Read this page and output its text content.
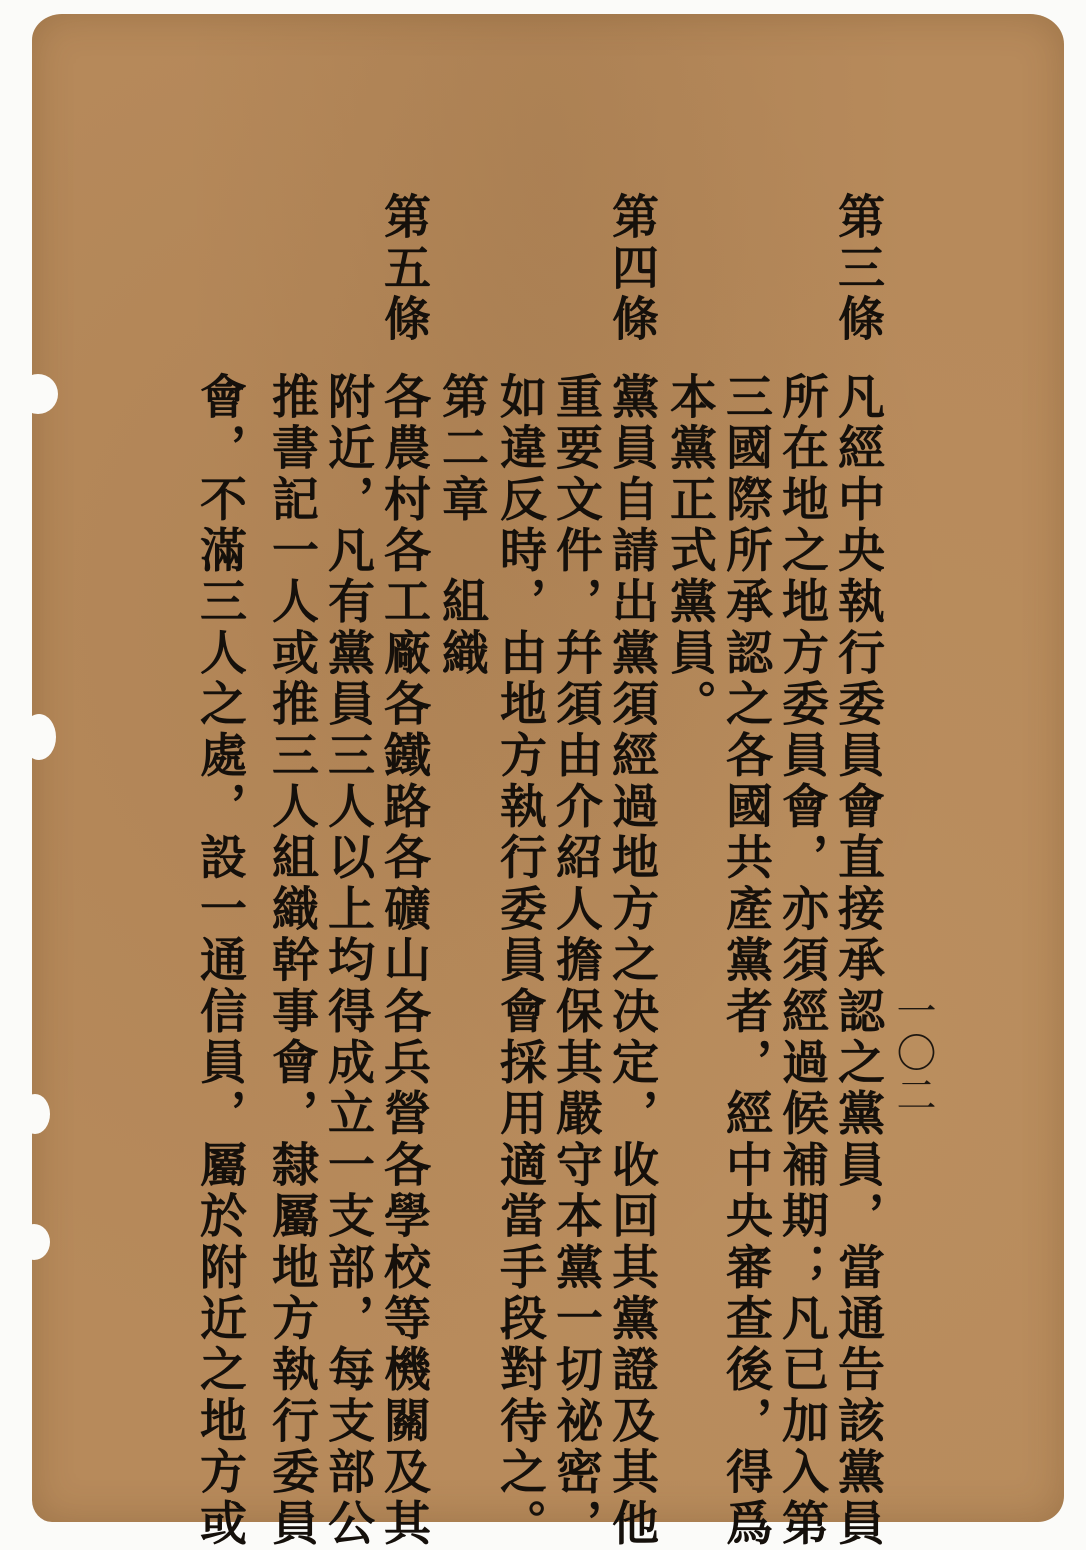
一〇二
第三條
凡經中央執行委員會直接承認之黨員，當通告該黨員
所在地之地方委員會，亦須經過候補期；凡已加入第
三國際所承認之各國共產黨者，經中央審查後，得爲
本黨正式黨員。
第四條
黨員自請出黨須經過地方之决定，收回其黨證及其他
重要文件，幷須由介紹人擔保其嚴守本黨一切祕密，
如違反時，由地方執行委員會採用適當手段對待之。
第二章　組織
第五條
各農村各工廠各鐵路各礦山各兵營各學校等機關及其
附近，凡有黨員三人以上均得成立一支部，每支部公
推書記一人或推三人組織幹事會，隸屬地方執行委員
會，不滿三人之處，設一通信員，屬於附近之地方或
